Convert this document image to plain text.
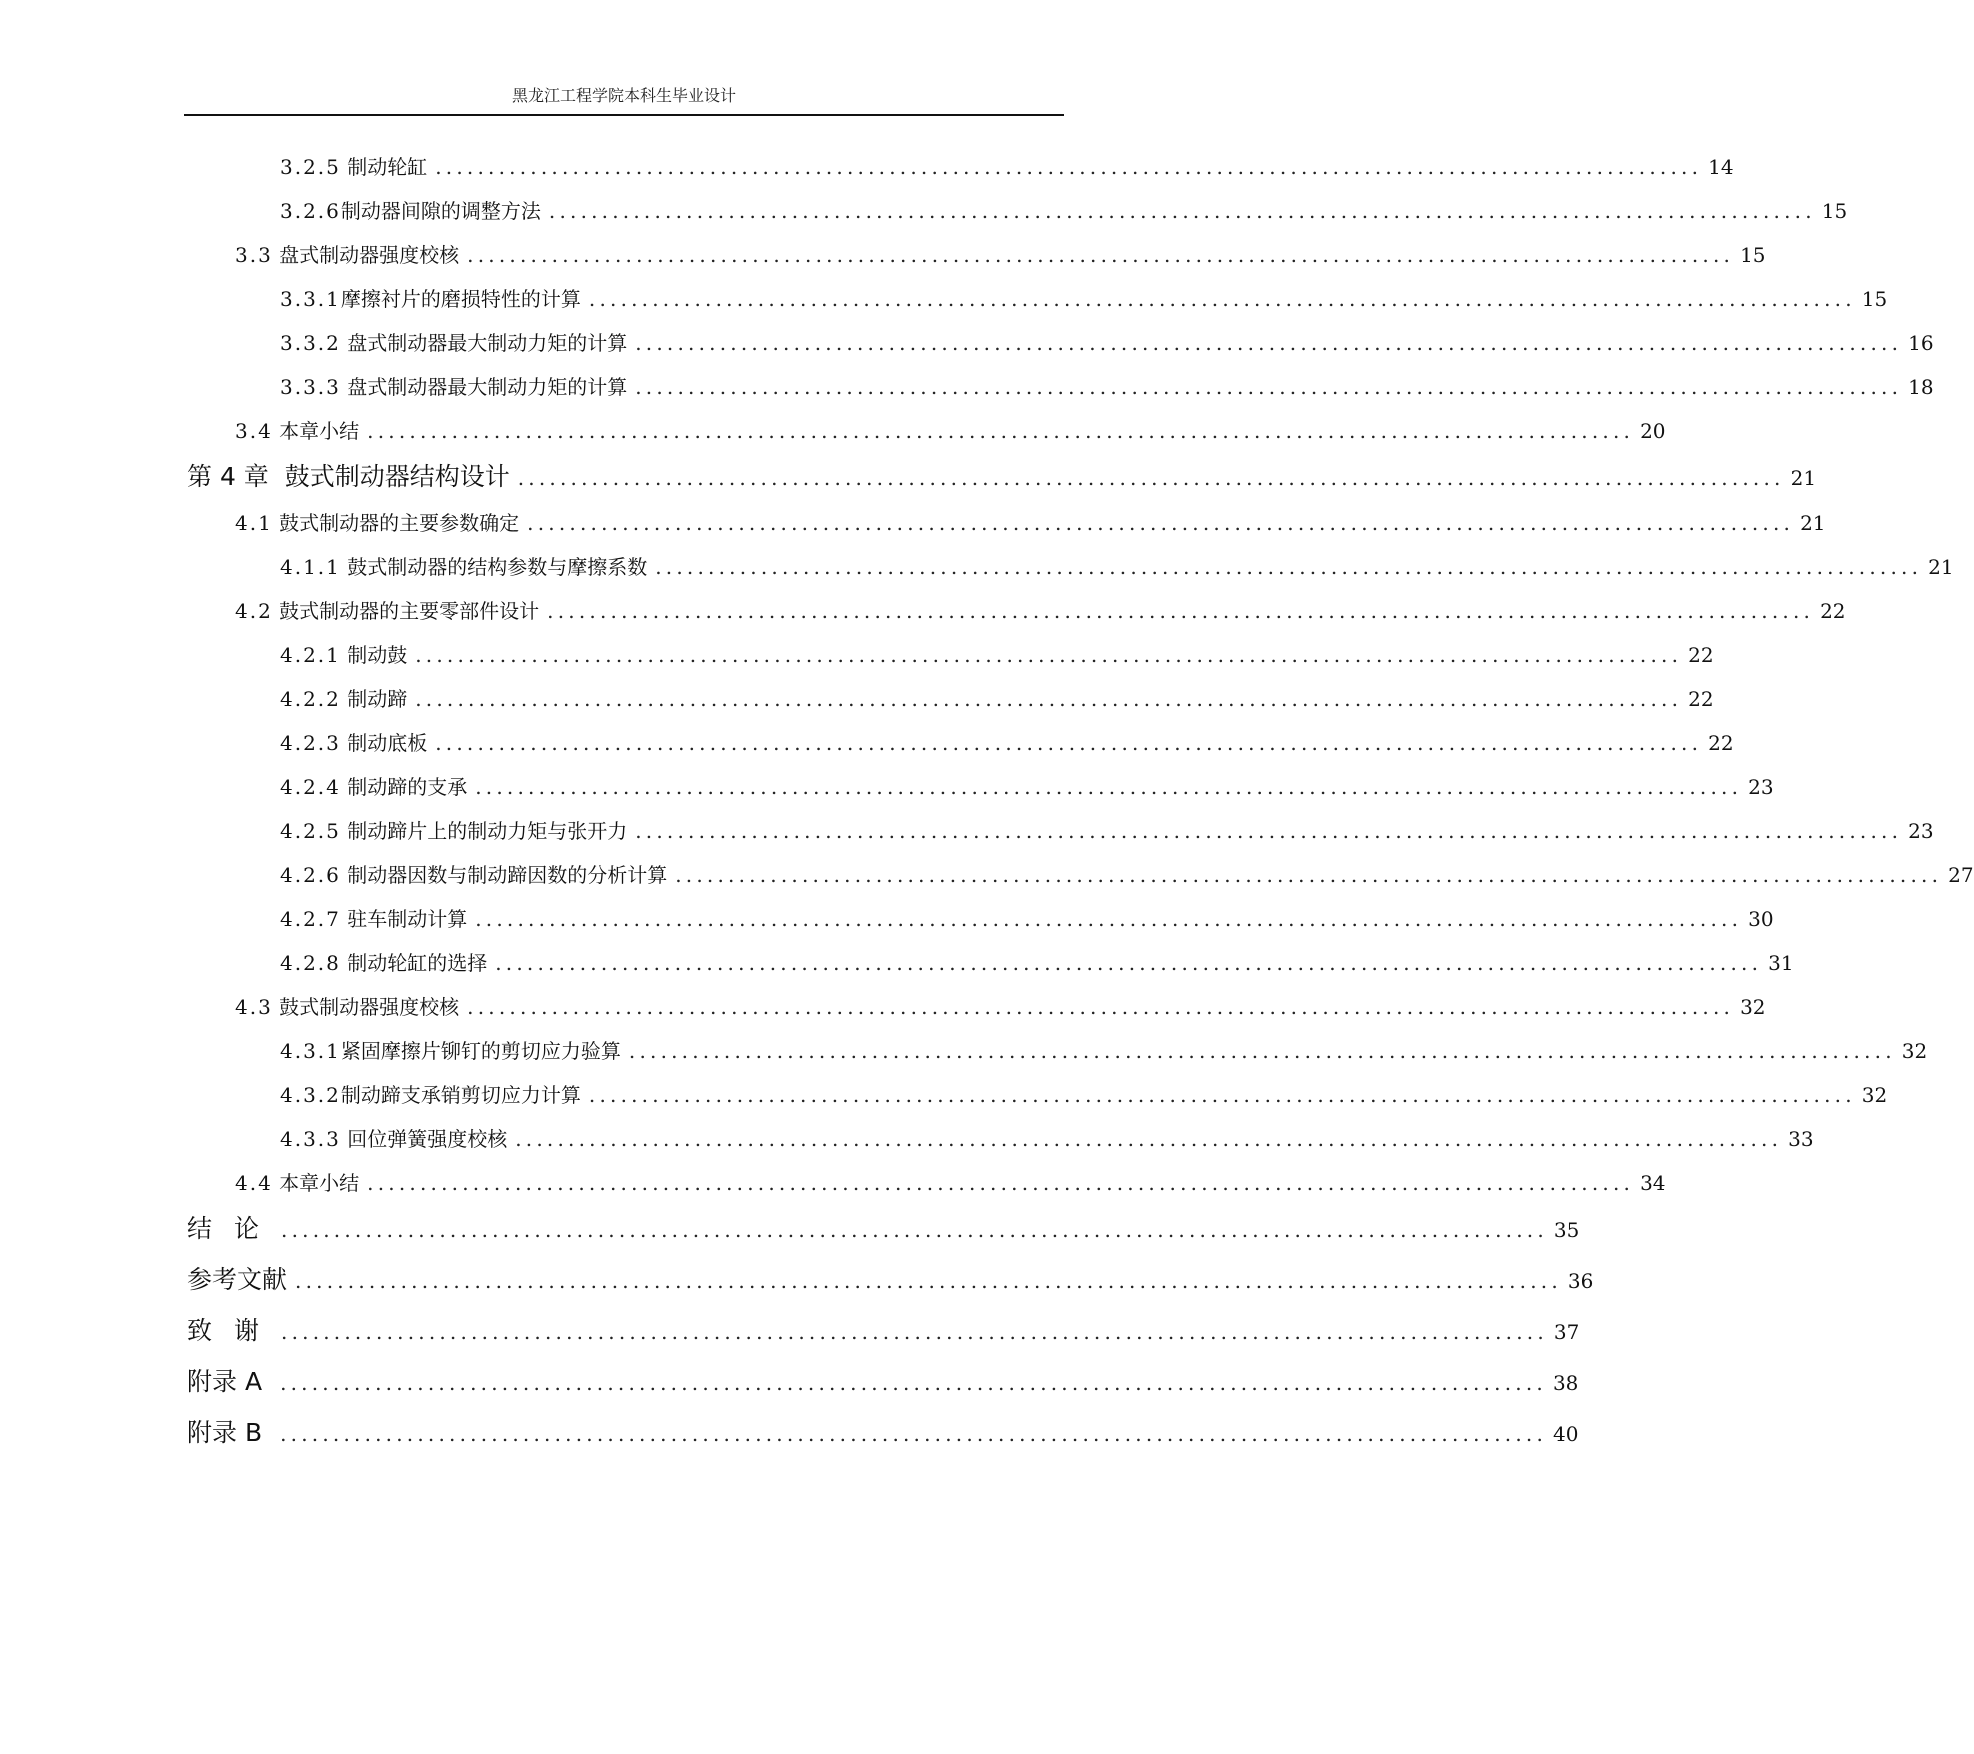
黑龙江工程学院本科生毕业设计
3.2.5 制动轮缸 ........................................................................................................................ 14
3.2.6 制动器间隙的调整方法 ........................................................................................................................ 15
3.3 盘式制动器强度校核 ........................................................................................................................ 15
3.3.1 摩擦衬片的磨损特性的计算 ........................................................................................................................ 15
3.3.2 盘式制动器最大制动力矩的计算 ........................................................................................................................ 16
3.3.3 盘式制动器最大制动力矩的计算 ........................................................................................................................ 18
3.4 本章小结 ........................................................................................................................ 20
第 4 章 鼓式制动器结构设计 ........................................................................................................................ 21
4.1 鼓式制动器的主要参数确定 ........................................................................................................................ 21
4.1.1 鼓式制动器的结构参数与摩擦系数 ........................................................................................................................ 21
4.2 鼓式制动器的主要零部件设计 ........................................................................................................................ 22
4.2.1 制动鼓 ........................................................................................................................ 22
4.2.2 制动蹄 ........................................................................................................................ 22
4.2.3 制动底板 ........................................................................................................................ 22
4.2.4 制动蹄的支承 ........................................................................................................................ 23
4.2.5 制动蹄片上的制动力矩与张开力 ........................................................................................................................ 23
4.2.6 制动器因数与制动蹄因数的分析计算 ........................................................................................................................ 27
4.2.7 驻车制动计算 ........................................................................................................................ 30
4.2.8 制动轮缸的选择 ........................................................................................................................ 31
4.3 鼓式制动器强度校核 ........................................................................................................................ 32
4.3.1 紧固摩擦片铆钉的剪切应力验算 ........................................................................................................................ 32
4.3.2 制动蹄支承销剪切应力计算 ........................................................................................................................ 32
4.3.3 回位弹簧强度校核 ........................................................................................................................ 33
4.4 本章小结 ........................................................................................................................ 34
结论 ........................................................................................................................ 35
参考文献 ........................................................................................................................ 36
致谢 ........................................................................................................................ 37
附录 A ........................................................................................................................ 38
附录 B ........................................................................................................................ 40
